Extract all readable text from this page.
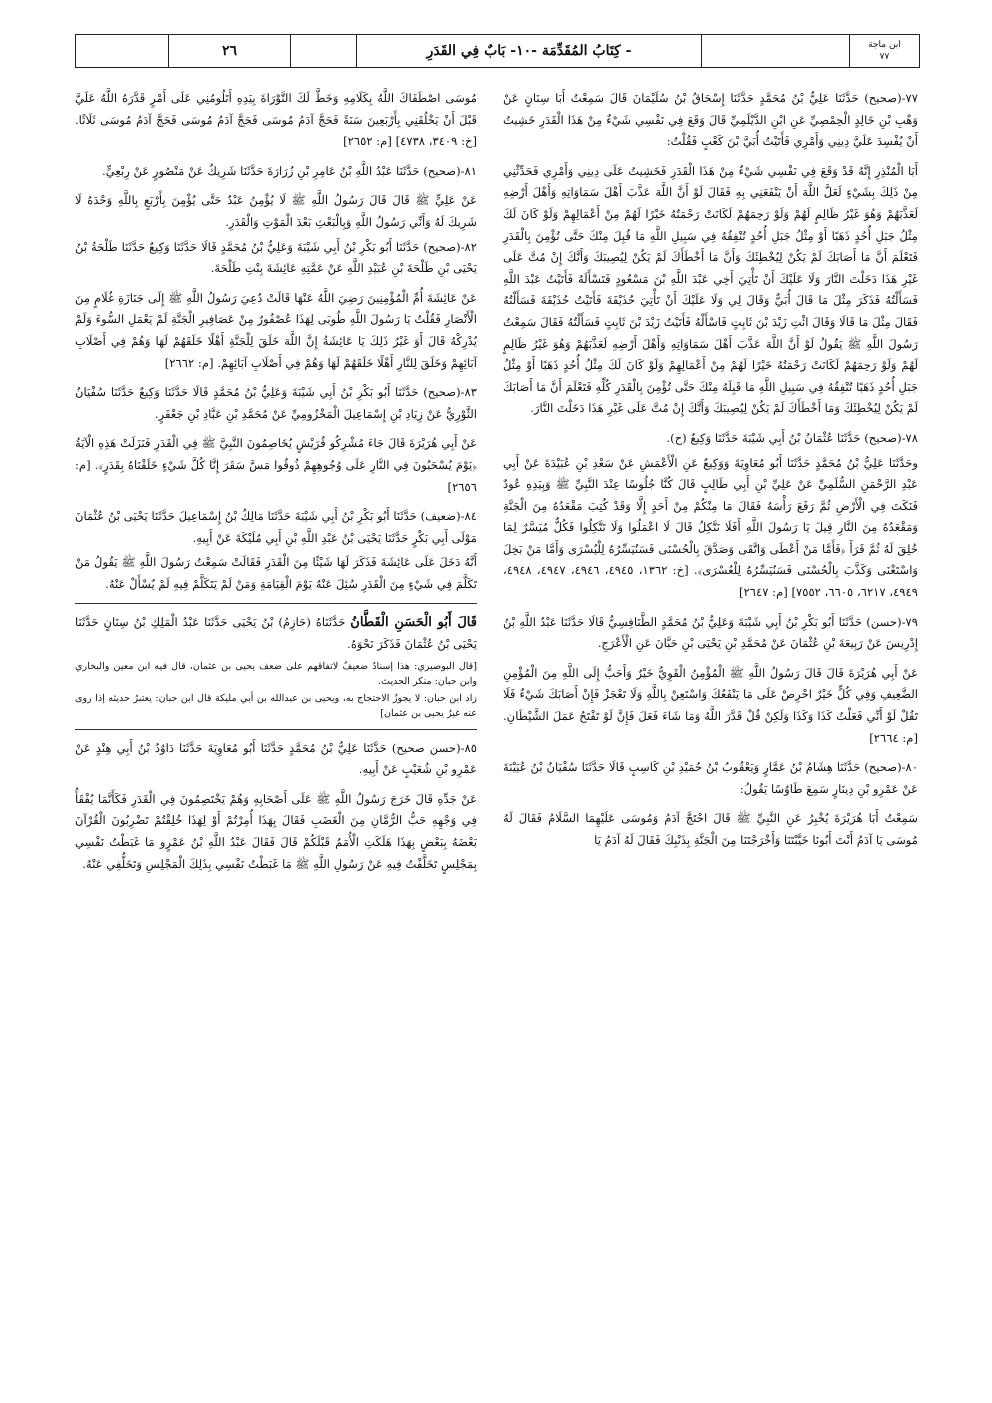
ابن ماجة
٧٧
- كِتَابُ المُقَدِّمَة -١٠- بَابٌ فِي القَدَرِ
٢٦

٧٧-(صحيح) حَدَّثَنَا عَلِيُّ بْنُ مُحَمَّدٍ حَدَّثَنَا إِسْحَاقُ بْنُ سُلَيْمَانَ قَالَ سَمِعْتُ أَبَا سِنَانٍ عَنْ وَهْبِ بْنِ خَالِدٍ الْحِمْصِيِّ عَنِ ابْنِ الدَّيْلَمِيِّ قَالَ وَقَعَ فِي نَفْسِي شَيْءٌ مِنْ هَذَا الْقَدَرِ خَشِيتُ أَنْ يُفْسِدَ عَلَيَّ دِينِي وَأَمْرِي فَأَتَيْتُ أُبَيَّ بْنَ كَعْبٍ فَقُلْتُ:

أَبَا الْمُنْذِرِ إِنَّهُ قَدْ وَقَعَ فِي نَفْسِي شَيْءٌ مِنْ هَذَا الْقَدَرِ فَخَشِيتُ عَلَى دِينِي وَأَمْرِي فَحَدِّثْنِي مِنْ ذَلِكَ بِشَيْءٍ لَعَلَّ اللَّهَ أَنْ يَنْفَعَنِي بِهِ فَقَالَ لَوْ أَنَّ اللَّهَ عَذَّبَ أَهْلَ سَمَاوَاتِهِ وَأَهْلَ أَرْضِهِ لَعَذَّبَهُمْ وَهُوَ غَيْرُ ظَالِمٍ لَهُمْ وَلَوْ رَحِمَهُمْ لَكَانَتْ رَحْمَتُهُ خَيْرًا لَهُمْ مِنْ أَعْمَالِهِمْ وَلَوْ كَانَ لَكَ مِثْلُ جَبَلِ أُحُدٍ ذَهَبًا أَوْ مِثْلُ جَبَلِ أُحُدٍ تُنْفِقُهُ فِي سَبِيلِ اللَّهِ مَا قُبِلَ مِنْكَ حَتَّى تُؤْمِنَ بِالْقَدَرِ فَتَعْلَمَ أَنَّ مَا أَصَابَكَ لَمْ يَكُنْ لِيُخْطِئَكَ وَأَنَّ مَا أَخْطَأَكَ لَمْ يَكُنْ لِيُصِيبَكَ وَأَنَّكَ إِنْ مُتَّ عَلَى غَيْرِ هَذَا دَخَلْتَ النَّارَ وَلَا عَلَيْكَ أَنْ تَأْتِيَ أَخِي عَبْدَ اللَّهِ بْنَ مَسْعُودٍ فَتَسْأَلَهُ فَأَتَيْتُ عَبْدَ اللَّهِ فَسَأَلْتُهُ فَذَكَرَ مِثْلَ مَا قَالَ أُبَيٌّ وَقَالَ لِي وَلَا عَلَيْكَ أَنْ تَأْتِيَ حُذَيْفَةَ فَأَتَيْتُ حُذَيْفَةَ فَسَأَلْتُهُ فَقَالَ مِثْلَ مَا قَالَا وَقَالَ ائْتِ زَيْدَ بْنَ ثَابِتٍ فَاسْأَلْهُ فَأَتَيْتُ زَيْدَ بْنَ ثَابِتٍ فَسَأَلْتُهُ فَقَالَ سَمِعْتُ رَسُولَ اللَّهِ ﷺ يَقُولُ لَوْ أَنَّ اللَّهَ عَذَّبَ أَهْلَ سَمَاوَاتِهِ وَأَهْلَ أَرْضِهِ لَعَذَّبَهُمْ وَهُوَ غَيْرُ ظَالِمٍ لَهُمْ وَلَوْ رَحِمَهُمْ لَكَانَتْ رَحْمَتُهُ خَيْرًا لَهُمْ مِنْ أَعْمَالِهِمْ وَلَوْ كَانَ لَكَ مِثْلُ أُحُدٍ ذَهَبًا أَوْ مِثْلُ جَبَلِ أُحُدٍ ذَهَبًا تُنْفِقُهُ فِي سَبِيلِ اللَّهِ مَا قَبِلَهُ مِنْكَ حَتَّى تُؤْمِنَ بِالْقَدَرِ كُلِّهِ فَتَعْلَمَ أَنَّ مَا أَصَابَكَ لَمْ يَكُنْ لِيُخْطِئَكَ وَمَا أَخْطَأَكَ لَمْ يَكُنْ لِيُصِيبَكَ وَأَنَّكَ إِنْ مُتَّ عَلَى غَيْرِ هَذَا دَخَلْتَ النَّارَ.

٧٨-(صحيح) حَدَّثَنَا عُثْمَانُ بْنُ أَبِي شَيْبَةَ حَدَّثَنَا وَكِيعٌ (ح).

وحَدَّثَنَا عَلِيُّ بْنُ مُحَمَّدٍ حَدَّثَنَا أَبُو مُعَاوِيَةَ وَوَكِيعٌ عَنِ الْأَعْمَشِ عَنْ سَعْدِ بْنِ عُبَيْدَةَ عَنْ أَبِي عَبْدِ الرَّحْمَنِ السُّلَمِيِّ عَنْ عَلِيِّ بْنِ أَبِي طَالِبٍ قَالَ كُنَّا جُلُوسًا عِنْدَ النَّبِيِّ ﷺ وَبِيَدِهِ عُودٌ فَنَكَتَ فِي الْأَرْضِ ثُمَّ رَفَعَ رَأْسَهُ فَقَالَ مَا مِنْكُمْ مِنْ أَحَدٍ إِلَّا وَقَدْ كُتِبَ مَقْعَدُهُ مِنَ الْجَنَّةِ وَمَقْعَدُهُ مِنَ النَّارِ قِيلَ يَا رَسُولَ اللَّهِ أَفَلَا نَتَّكِلُ قَالَ لَا اعْمَلُوا وَلَا تَتَّكِلُوا فَكُلٌّ مُيَسَّرٌ لِمَا خُلِقَ لَهُ ثُمَّ قَرَأَ ﴿فَأَمَّا مَنْ أَعْطَى وَاتَّقَى وَصَدَّقَ بِالْحُسْنَى فَسَنُيَسِّرُهُ لِلْيُسْرَى وَأَمَّا مَنْ بَخِلَ وَاسْتَغْنَى وَكَذَّبَ بِالْحُسْنَى فَسَنُيَسِّرُهُ لِلْعُسْرَى﴾. [خ: ١٣٦٢، ٤٩٤٥، ٤٩٤٦، ٤٩٤٧، ٤٩٤٨، ٤٩٤٩، ٦٢١٧، ٦٦٠٥، ٧٥٥٢] [م: ٢٦٤٧]

٧٩-(حسن) حَدَّثَنَا أَبُو بَكْرِ بْنُ أَبِي شَيْبَةَ وَعَلِيُّ بْنُ مُحَمَّدٍ الطَّنَافِسِيُّ قَالَا حَدَّثَنَا عَبْدُ اللَّهِ بْنُ إِدْرِيسَ عَنْ رَبِيعَةَ بْنِ عُثْمَانَ عَنْ مُحَمَّدِ بْنِ يَحْيَى بْنِ حَبَّانَ عَنِ الْأَعْرَجِ.

عَنْ أَبِي هُرَيْرَةَ قَالَ قَالَ رَسُولُ اللَّهِ ﷺ الْمُؤْمِنُ الْقَوِيُّ خَيْرٌ وَأَحَبُّ إِلَى اللَّهِ مِنَ الْمُؤْمِنِ الضَّعِيفِ وَفِي كُلٍّ خَيْرٌ احْرِصْ عَلَى مَا يَنْفَعُكَ وَاسْتَعِنْ بِاللَّهِ وَلَا تَعْجَزْ فَإِنْ أَصَابَكَ شَيْءٌ فَلَا تَقُلْ لَوْ أَنِّي فَعَلْتُ كَذَا وَكَذَا وَلَكِنْ قُلْ قَدَّرَ اللَّهُ وَمَا شَاءَ فَعَلَ فَإِنَّ لَوْ تَفْتَحُ عَمَلَ الشَّيْطَانِ. [م: ٢٦٦٤]

٨٠-(صحيح) حَدَّثَنَا هِشَامُ بْنُ عَمَّارٍ وَيَعْقُوبُ بْنُ حُمَيْدِ بْنِ كَاسِبٍ قَالَا حَدَّثَنَا سُفْيَانُ بْنُ عُيَيْنَةَ عَنْ عَمْرِو بْنِ دِينَارٍ سَمِعَ طَاوُسًا يَقُولُ:

سَمِعْتُ أَبَا هُرَيْرَةَ يُخْبِرُ عَنِ النَّبِيِّ ﷺ قَالَ احْتَجَّ آدَمُ وَمُوسَى عَلَيْهِمَا السَّلَامُ فَقَالَ لَهُ مُوسَى يَا آدَمُ أَنْتَ أَبُونَا خَيَّبْتَنَا وَأَخْرَجْتَنَا مِنَ الْجَنَّةِ بِذَنْبِكَ فَقَالَ لَهُ آدَمُ يَا

مُوسَى اصْطَفَاكَ اللَّهُ بِكَلَامِهِ وَخَطَّ لَكَ التَّوْرَاةَ بِيَدِهِ أَتَلُومُنِي عَلَى أَمْرٍ قَدَّرَهُ اللَّهُ عَلَيَّ قَبْلَ أَنْ يَخْلُقَنِي بِأَرْبَعِينَ سَنَةً فَحَجَّ آدَمُ مُوسَى فَحَجَّ آدَمُ مُوسَى فَحَجَّ آدَمُ مُوسَى ثَلَاثًا. [خ: ٣٤٠٩، ٤٧٣٨] [م: ٢٦٥٢]

٨١-(صحيح) حَدَّثَنَا عَبْدُ اللَّهِ بْنُ عَامِرِ بْنِ زُرَارَةَ حَدَّثَنَا شَرِيكٌ عَنْ مَنْصُورٍ عَنْ رِبْعِيٍّ.

عَنْ عَلِيٍّ ﷺ قَالَ قَالَ رَسُولُ اللَّهِ ﷺ لَا يُؤْمِنُ عَبْدٌ حَتَّى يُؤْمِنَ بِأَرْبَعٍ بِاللَّهِ وَحْدَهُ لَا شَرِيكَ لَهُ وَأَنِّي رَسُولُ اللَّهِ وَبِالْبَعْثِ بَعْدَ الْمَوْتِ وَالْقَدَرِ.

٨٢-(صحيح) حَدَّثَنَا أَبُو بَكْرِ بْنُ أَبِي شَيْبَةَ وَعَلِيُّ بْنُ مُحَمَّدٍ قَالَا حَدَّثَنَا وَكِيعٌ حَدَّثَنَا طَلْحَةُ بْنُ يَحْيَى بْنِ طَلْحَةَ بْنِ عُبَيْدِ اللَّهِ عَنْ عَمَّتِهِ عَائِشَةَ بِنْتِ طَلْحَةَ.

عَنْ عَائِشَةَ أُمِّ الْمُؤْمِنِينَ رَضِيَ اللَّهُ عَنْهَا قَالَتْ دُعِيَ رَسُولُ اللَّهِ ﷺ إِلَى جَنَازَةِ غُلَامٍ مِنَ الْأَنْصَارِ فَقُلْتُ يَا رَسُولَ اللَّهِ طُوبَى لِهَذَا عُصْفُورٌ مِنْ عَصَافِيرِ الْجَنَّةِ لَمْ يَعْمَلِ السُّوءَ وَلَمْ يُدْرِكْهُ قَالَ أَوَ غَيْرُ ذَلِكَ يَا عَائِشَةُ إِنَّ اللَّهَ خَلَقَ لِلْجَنَّةِ أَهْلًا خَلَقَهُمْ لَهَا وَهُمْ فِي أَصْلَابِ آبَائِهِمْ وَخَلَقَ لِلنَّارِ أَهْلًا خَلَقَهُمْ لَهَا وَهُمْ فِي أَصْلَابِ آبَائِهِمْ. [م: ٢٦٦٢]

٨٣-(صحيح) حَدَّثَنَا أَبُو بَكْرِ بْنُ أَبِي شَيْبَةَ وَعَلِيُّ بْنُ مُحَمَّدٍ قَالَا حَدَّثَنَا وَكِيعٌ حَدَّثَنَا سُفْيَانُ الثَّوْرِيُّ عَنْ زِيَادِ بْنِ إِسْمَاعِيلَ الْمَخْزُومِيِّ عَنْ مُحَمَّدِ بْنِ عَبَّادِ بْنِ جَعْفَرٍ.

عَنْ أَبِي هُرَيْرَةَ قَالَ جَاءَ مُشْرِكُو قُرَيْشٍ يُخَاصِمُونَ النَّبِيَّ ﷺ فِي الْقَدَرِ فَنَزَلَتْ هَذِهِ الْآيَةُ ﴿يَوْمَ يُسْحَبُونَ فِي النَّارِ عَلَى وُجُوهِهِمْ ذُوقُوا مَسَّ سَقَرَ إِنَّا كُلَّ شَيْءٍ خَلَقْنَاهُ بِقَدَرٍ﴾. [م: ٢٦٥٦]

٨٤-(ضعيف) حَدَّثَنَا أَبُو بَكْرِ بْنُ أَبِي شَيْبَةَ حَدَّثَنَا مَالِكُ بْنُ إِسْمَاعِيلَ حَدَّثَنَا يَحْيَى بْنُ عُثْمَانَ مَوْلَى أَبِي بَكْرٍ حَدَّثَنَا يَحْيَى بْنُ عَبْدِ اللَّهِ بْنِ أَبِي مُلَيْكَةَ عَنْ أَبِيهِ.

أَنَّهُ دَخَلَ عَلَى عَائِشَةَ فَذَكَرَ لَهَا شَيْئًا مِنَ الْقَدَرِ فَقَالَتْ سَمِعْتُ رَسُولَ اللَّهِ ﷺ يَقُولُ مَنْ تَكَلَّمَ فِي شَيْءٍ مِنَ الْقَدَرِ سُئِلَ عَنْهُ يَوْمَ الْقِيَامَةِ وَمَنْ لَمْ يَتَكَلَّمْ فِيهِ لَمْ يُسْأَلْ عَنْهُ.

قَالَ أَبُو الْحَسَنِ الْقَطَّانُ حَدَّثَنَاهُ (حَازِمُ) بْنُ يَحْيَى حَدَّثَنَا عَبْدُ الْمَلِكِ بْنُ سِنَانٍ حَدَّثَنَا يَحْيَى بْنُ عُثْمَانَ فَذَكَرَ نَحْوَهُ.

[قال البوصيري: هذا إسنادٌ ضعيفٌ لاتفاقهم على ضعف يحيى بن عثمان، قال فيه ابن معين والبخاري وابن حبان: منكر الحديث.

زاد ابن حبان: لا يجوزُ الاحتجاج به، ويحيى بن عبدالله بن أبي مليكة قال ابن حبان: يعتبرُ حديثه إذا روى عنه غيرُ يحيى بن عثمان]

٨٥-(حسن صحيح) حَدَّثَنَا عَلِيُّ بْنُ مُحَمَّدٍ حَدَّثَنَا أَبُو مُعَاوِيَةَ حَدَّثَنَا دَاوُدُ بْنُ أَبِي هِنْدٍ عَنْ عَمْرِو بْنِ شُعَيْبٍ عَنْ أَبِيهِ.

عَنْ جَدِّهِ قَالَ خَرَجَ رَسُولُ اللَّهِ ﷺ عَلَى أَصْحَابِهِ وَهُمْ يَخْتَصِمُونَ فِي الْقَدَرِ فَكَأَنَّمَا يُفْقَأُ فِي وَجْهِهِ حَبُّ الرُّمَّانِ مِنَ الْغَضَبِ فَقَالَ بِهَذَا أُمِرْتُمْ أَوْ لِهَذَا خُلِقْتُمْ تَضْرِبُونَ الْقُرْآنَ بَعْضَهُ بِبَعْضٍ بِهَذَا هَلَكَتِ الْأُمَمُ قَبْلَكُمْ قَالَ فَقَالَ عَبْدُ اللَّهِ بْنُ عَمْرٍو مَا غَبَطْتُ نَفْسِي بِمَجْلِسٍ تَخَلَّفْتُ فِيهِ عَنْ رَسُولِ اللَّهِ ﷺ مَا غَبَطْتُ نَفْسِي بِذَلِكَ الْمَجْلِسِ وَتَخَلُّفِي عَنْهُ.
